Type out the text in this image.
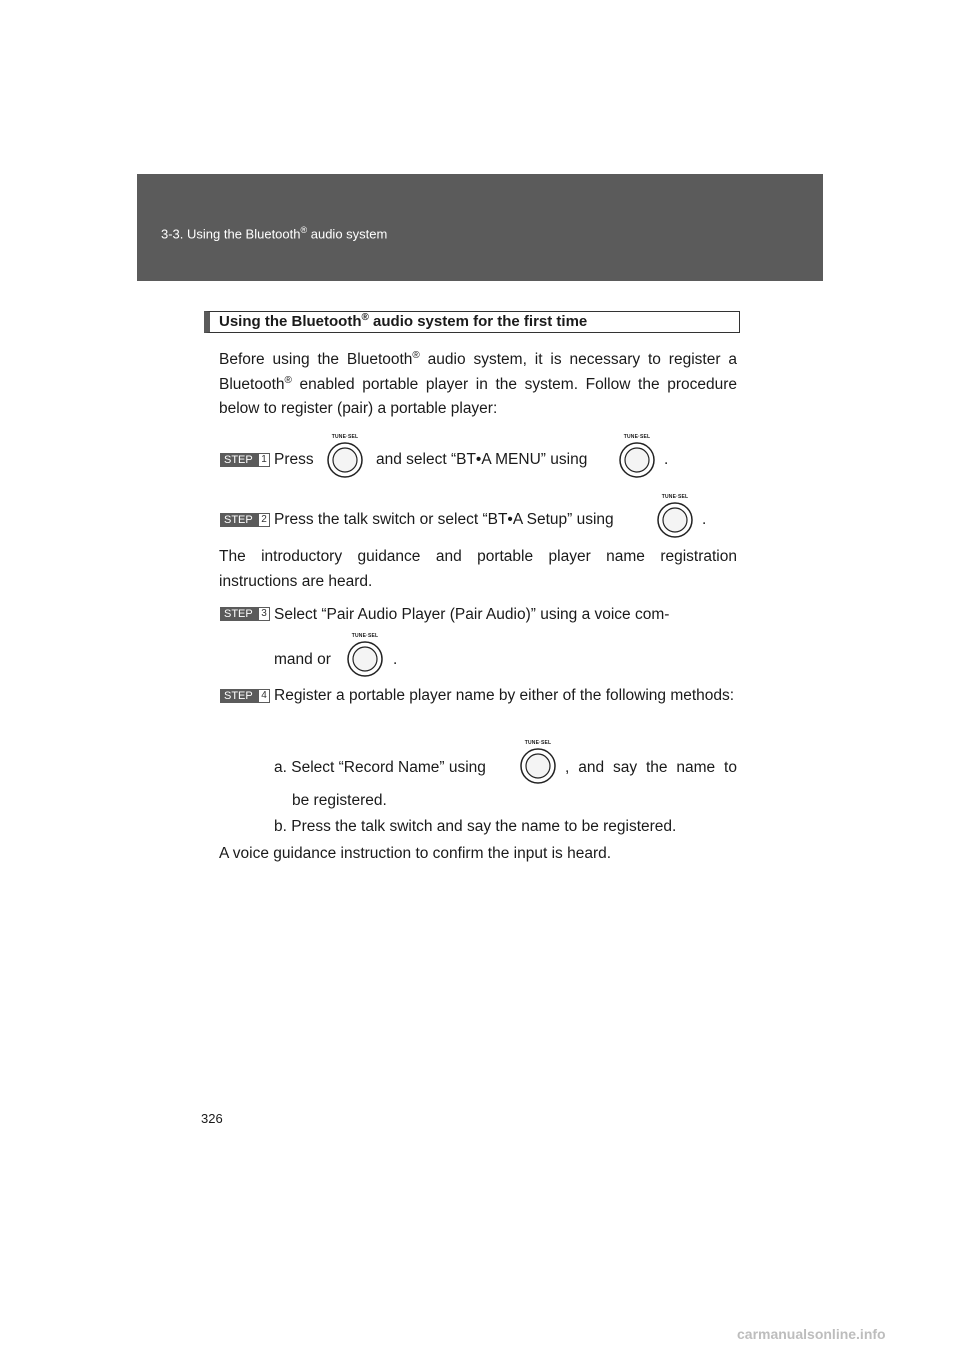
3-3. Using the Bluetooth® audio system
Using the Bluetooth® audio system for the first time
Before using the Bluetooth® audio system, it is necessary to register a Bluetooth® enabled portable player in the system. Follow the procedure below to register (pair) a portable player:
STEP 1 Press
TUNE·SEL
and select “BT•A MENU” using
TUNE·SEL
.
STEP 2 Press the talk switch or select “BT•A Setup” using
TUNE·SEL
.
The introductory guidance and portable player name registration instructions are heard.
STEP 3 Select “Pair Audio Player (Pair Audio)” using a voice com-
mand or
TUNE·SEL
.
STEP 4 Register a portable player name by either of the following methods:
a. Select “Record Name” using
TUNE·SEL
, and say the name to
be registered.
b. Press the talk switch and say the name to be registered.
A voice guidance instruction to confirm the input is heard.
326
carmanualsonline.info
